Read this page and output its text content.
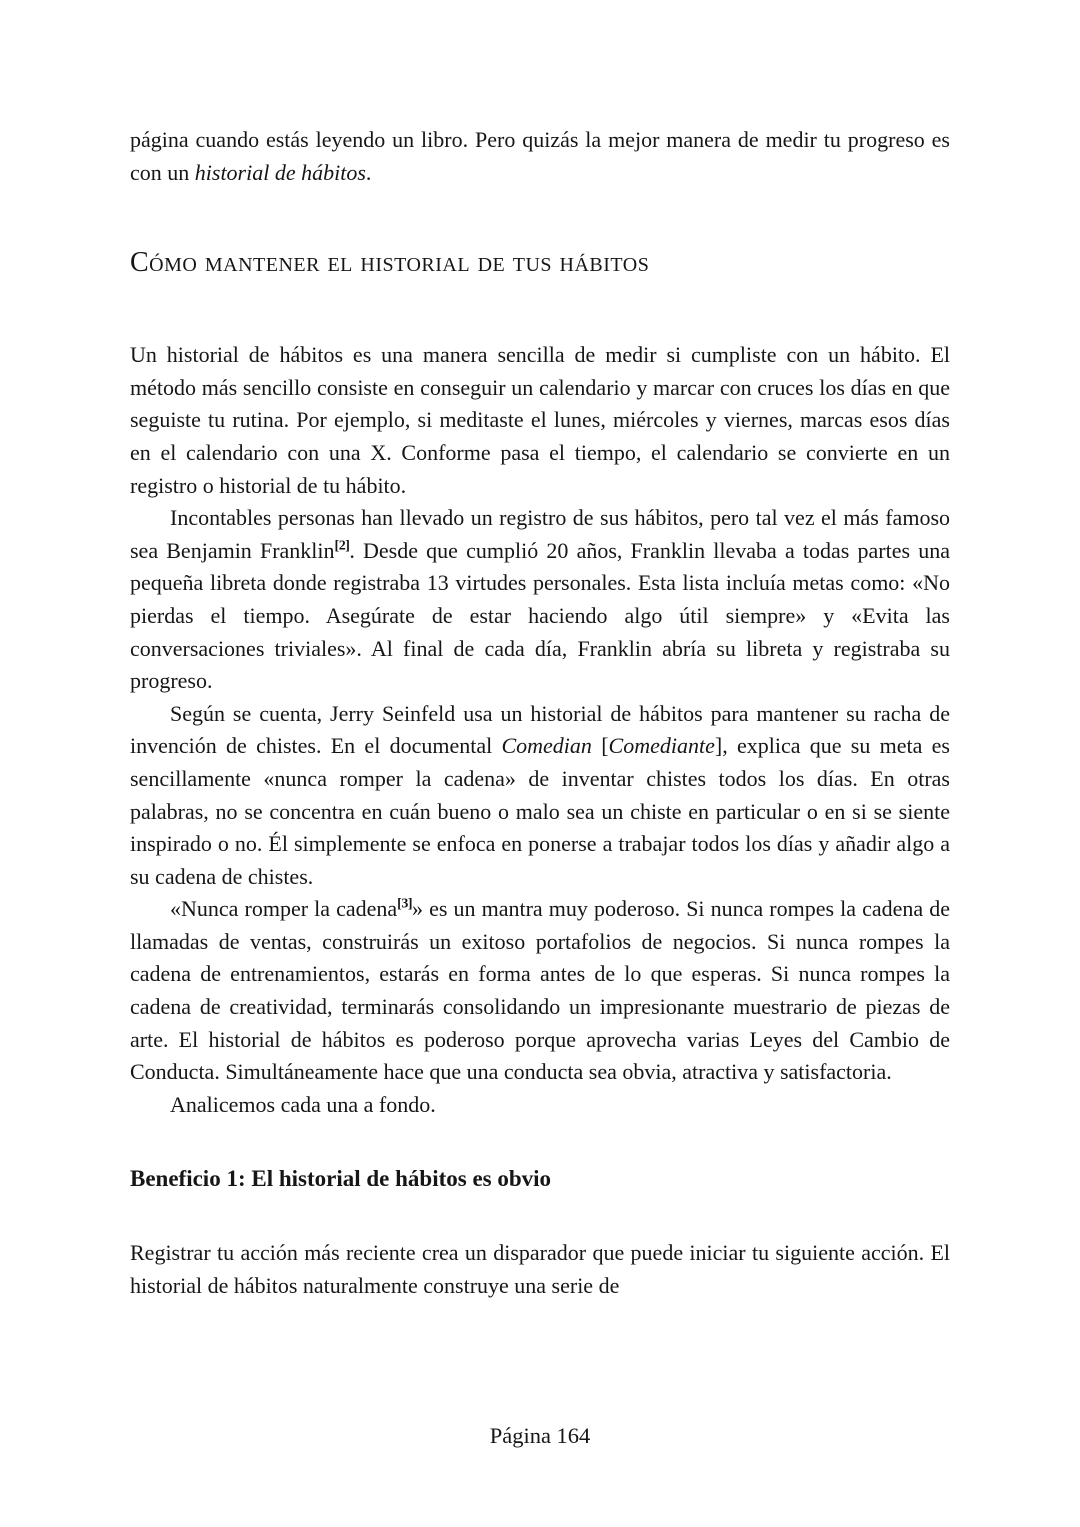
página cuando estás leyendo un libro. Pero quizás la mejor manera de medir tu progreso es con un historial de hábitos.

Cómo mantener el historial de tus hábitos

Un historial de hábitos es una manera sencilla de medir si cumpliste con un hábito. El método más sencillo consiste en conseguir un calendario y marcar con cruces los días en que seguiste tu rutina. Por ejemplo, si meditaste el lunes, miércoles y viernes, marcas esos días en el calendario con una X. Conforme pasa el tiempo, el calendario se convierte en un registro o historial de tu hábito.

Incontables personas han llevado un registro de sus hábitos, pero tal vez el más famoso sea Benjamin Franklin[2]. Desde que cumplió 20 años, Franklin llevaba a todas partes una pequeña libreta donde registraba 13 virtudes personales. Esta lista incluía metas como: «No pierdas el tiempo. Asegúrate de estar haciendo algo útil siempre» y «Evita las conversaciones triviales». Al final de cada día, Franklin abría su libreta y registraba su progreso.

Según se cuenta, Jerry Seinfeld usa un historial de hábitos para mantener su racha de invención de chistes. En el documental Comedian [Comediante], explica que su meta es sencillamente «nunca romper la cadena» de inventar chistes todos los días. En otras palabras, no se concentra en cuán bueno o malo sea un chiste en particular o en si se siente inspirado o no. Él simplemente se enfoca en ponerse a trabajar todos los días y añadir algo a su cadena de chistes.

«Nunca romper la cadena[3]» es un mantra muy poderoso. Si nunca rompes la cadena de llamadas de ventas, construirás un exitoso portafolios de negocios. Si nunca rompes la cadena de entrenamientos, estarás en forma antes de lo que esperas. Si nunca rompes la cadena de creatividad, terminarás consolidando un impresionante muestrario de piezas de arte. El historial de hábitos es poderoso porque aprovecha varias Leyes del Cambio de Conducta. Simultáneamente hace que una conducta sea obvia, atractiva y satisfactoria.

Analicemos cada una a fondo.

Beneficio 1: El historial de hábitos es obvio

Registrar tu acción más reciente crea un disparador que puede iniciar tu siguiente acción. El historial de hábitos naturalmente construye una serie de

Página 164
